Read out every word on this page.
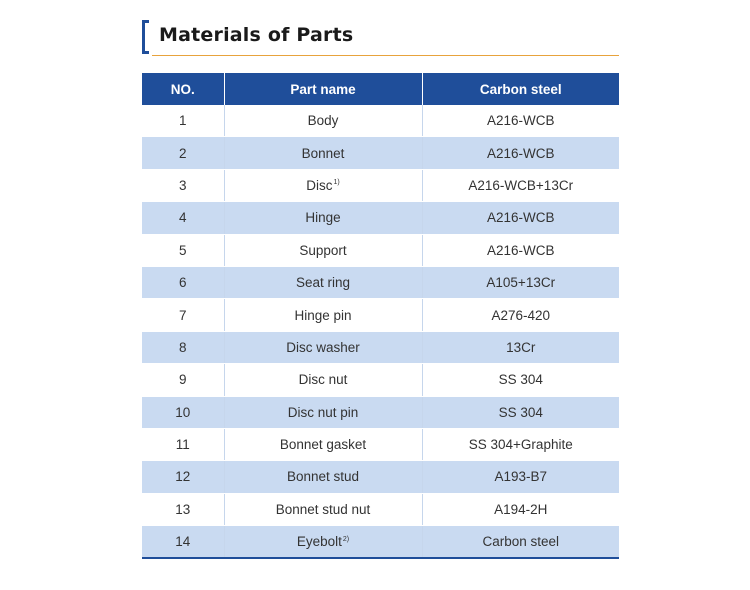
Materials of Parts
NO.	Part name	Carbon steel
1	Body	A216-WCB
2	Bonnet	A216-WCB
3	Disc$^{1)}$	A216-WCB+13Cr
4	Hinge	A216-WCB
5	Support	A216-WCB
6	Seat ring	A105+13Cr
7	Hinge pin	A276-420
8	Disc washer	13Cr
9	Disc nut	SS 304
10	Disc nut pin	SS 304
11	Bonnet gasket	SS 304+Graphite
12	Bonnet stud	A193-B7
13	Bonnet stud nut	A194-2H
14	Eyebolt$^{2)}$	Carbon steel
